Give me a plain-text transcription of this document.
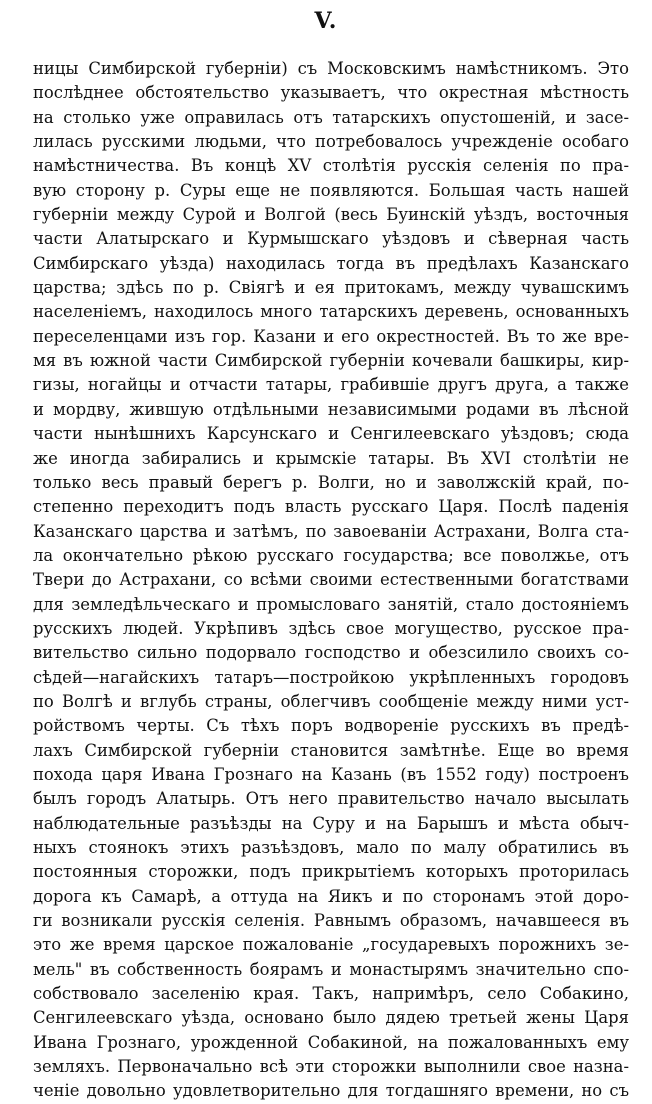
V.
ницы Симбирской губерніи) съ Московскимъ намѣстникомъ. Это
послѣднее обстоятельство указываетъ, что окрестная мѣстность
на столько уже оправилась отъ татарскихъ опустошеній, и засе-
лилась русскими людьми, что потребовалось учрежденіе особаго
намѣстничества. Въ концѣ XV столѣтія русскія селенія по пра-
вую сторону р. Суры еще не появляются. Большая часть нашей
губерніи между Сурой и Волгой (весь Буинскій уѣздъ, восточныя
части Алатырскаго и Курмышскаго уѣздовъ и сѣверная часть
Симбирскаго уѣзда) находилась тогда въ предѣлахъ Казанскаго
царства; здѣсь по р. Свіягѣ и ея притокамъ, между чувашскимъ
населеніемъ, находилось много татарскихъ деревень, основанныхъ
переселенцами изъ гор. Казани и его окрестностей. Въ то же вре-
мя въ южной части Симбирской губерніи кочевали башкиры, кир-
гизы, ногайцы и отчасти татары, грабившіе другъ друга, а также
и мордву, жившую отдѣльными независимыми родами въ лѣсной
части нынѣшнихъ Карсунскаго и Сенгилеевскаго уѣздовъ; сюда
же иногда забирались и крымскіе татары. Въ XVI столѣтіи не
только весь правый берегъ р. Волги, но и заволжскій край, по-
степенно переходитъ подъ власть русскаго Царя. Послѣ паденія
Казанскаго царства и затѣмъ, по завоеваніи Астрахани, Волга ста-
ла окончательно рѣкою русскаго государства; все поволжье, отъ
Твери до Астрахани, со всѣми своими естественными богатствами
для земледѣльческаго и промысловаго занятій, стало достояніемъ
русскихъ людей. Укрѣпивъ здѣсь свое могущество, русское пра-
вительство сильно подорвало господство и обезсилило своихъ со-
сѣдей—нагайскихъ татаръ—постройкою укрѣпленныхъ городовъ
по Волгѣ и вглубь страны, облегчивъ сообщеніе между ними уст-
ройствомъ черты. Съ тѣхъ поръ водвореніе русскихъ въ предѣ-
лахъ Симбирской губерніи становится замѣтнѣе. Еще во время
похода царя Ивана Грознаго на Казань (въ 1552 году) построенъ
былъ городъ Алатырь. Отъ него правительство начало высылать
наблюдательные разъѣзды на Суру и на Барышъ и мѣста обыч-
ныхъ стоянокъ этихъ разъѣздовъ, мало по малу обратились въ
постоянныя сторожки, подъ прикрытіемъ которыхъ проторилась
дорога къ Самарѣ, а оттуда на Яикъ и по сторонамъ этой доро-
ги возникали русскія селенія. Равнымъ образомъ, начавшееся въ
это же время царское пожалованіе „государевыхъ порожнихъ зе-
мель" въ собственность боярамъ и монастырямъ значительно спо-
собствовало заселенію края. Такъ, напримѣръ, село Собакино,
Сенгилеевскаго уѣзда, основано было дядею третьей жены Царя
Ивана Грознаго, урожденной Собакиной, на пожалованныхъ ему
земляхъ. Первоначально всѣ эти сторожки выполнили свое назна-
ченіе довольно удовлетворительно для тогдашняго времени, но съ
